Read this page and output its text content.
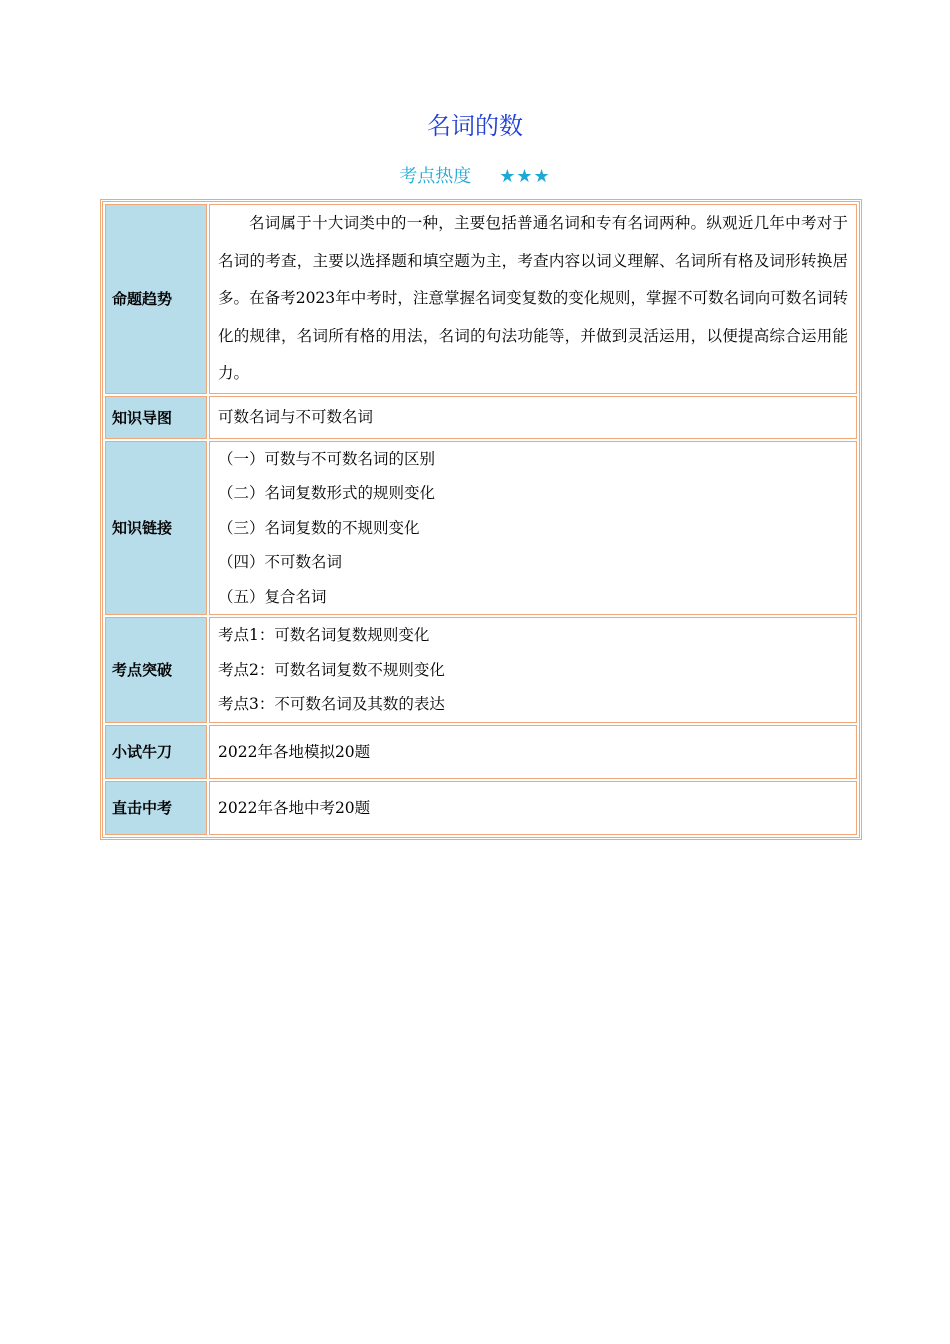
名词的数
考点热度 ★★★
命题趋势	名词属于十大词类中的一种，主要包括普通名词和专有名词两种。纵观近几年中考对于名词的考查，主要以选择题和填空题为主，考查内容以词义理解、名词所有格及词形转换居多。在备考2023年中考时，注意掌握名词变复数的变化规则，掌握不可数名词向可数名词转化的规律，名词所有格的用法，名词的句法功能等，并做到灵活运用，以便提高综合运用能力。

知识导图	可数名词与不可数名词

知识链接	（一）可数与不可数名词的区别
（二）名词复数形式的规则变化
（三）名词复数的不规则变化
（四）不可数名词
（五）复合名词

考点突破	考点1：可数名词复数规则变化
考点2：可数名词复数不规则变化
考点3：不可数名词及其数的表达

小试牛刀	2022年各地模拟20题

直击中考	2022年各地中考20题
